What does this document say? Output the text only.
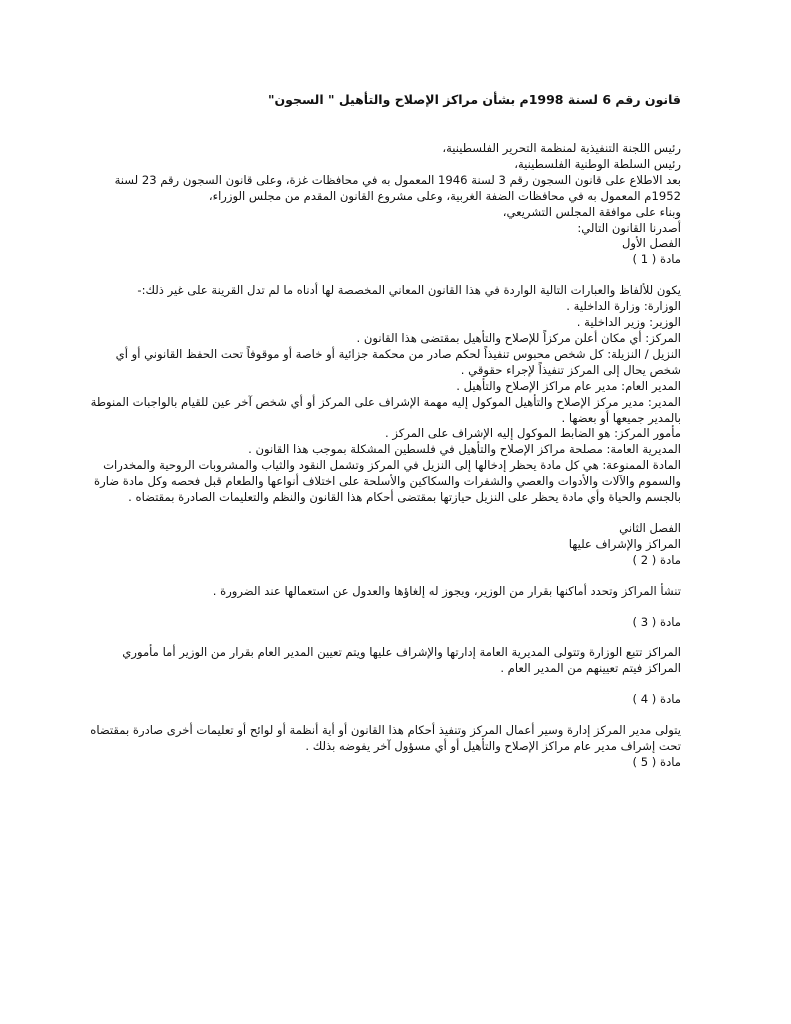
قانون رقم 6 لسنة 1998م بشأن مراكز الإصلاح والتأهيل " السجون"

رئيس اللجنة التنفيذية لمنظمة التحرير الفلسطينية،

رئيس السلطة الوطنية الفلسطينية،

بعد الاطلاع على قانون السجون رقم 3 لسنة 1946 المعمول به في محافظات غزة، وعلى قانون السجون رقم 23 لسنة 1952م المعمول به في محافظات الضفة الغربية، وعلى مشروع القانون المقدم من مجلس الوزراء،

وبناء على موافقة المجلس التشريعي،

أصدرنا القانون التالي:

الفصل الأول

مادة ( 1 )

يكون للألفاظ والعبارات التالية الواردة في هذا القانون المعاني المخصصة لها أدناه ما لم تدل القرينة على غير ذلك:-

الوزارة: وزارة الداخلية .

الوزير: وزير الداخلية .

المركز: أي مكان أعلن مركزاً للإصلاح والتأهيل بمقتضى هذا القانون .

النزيل / النزيلة: كل شخص محبوس تنفيذاً لحكم صادر من محكمة جزائية أو خاصة أو موقوفاً تحت الحفظ القانوني أو أي شخص يحال إلى المركز تنفيذاً لإجراء حقوقي .

المدير العام: مدير عام مراكز الإصلاح والتأهيل .

المدير: مدير مركز الإصلاح والتأهيل الموكول إليه مهمة الإشراف على المركز أو أي شخص آخر عين للقيام بالواجبات المنوطة بالمدير جميعها أو بعضها .

مأمور المركز: هو الضابط الموكول إليه الإشراف على المركز .

المديرية العامة: مصلحة مراكز الإصلاح والتأهيل في فلسطين المشكلة بموجب هذا القانون .

المادة الممنوعة: هي كل مادة يحظر إدخالها إلى النزيل في المركز وتشمل النقود والثياب والمشروبات الروحية والمخدرات والسموم والآلات والأدوات والعصي والشفرات والسكاكين والأسلحة على اختلاف أنواعها والطعام قبل فحصه وكل مادة ضارة بالجسم والحياة وأي مادة يحظر على النزيل حيازتها بمقتضى أحكام هذا القانون والنظم والتعليمات الصادرة بمقتضاه .

الفصل الثاني

المراكز والإشراف عليها

مادة ( 2 )

تنشأ المراكز وتحدد أماكنها بقرار من الوزير، ويجوز له إلغاؤها والعدول عن استعمالها عند الضرورة .

مادة ( 3 )

المراكز تتبع الوزارة وتتولى المديرية العامة إدارتها والإشراف عليها ويتم تعيين المدير العام بقرار من الوزير أما مأموري المراكز فيتم تعيينهم من المدير العام .

مادة ( 4 )

يتولى مدير المركز إدارة وسير أعمال المركز وتنفيذ أحكام هذا القانون أو أية أنظمة أو لوائح أو تعليمات أخرى صادرة بمقتضاه تحت إشراف مدير عام مراكز الإصلاح والتأهيل أو أي مسؤول آخر يفوضه بذلك .

مادة ( 5 )
